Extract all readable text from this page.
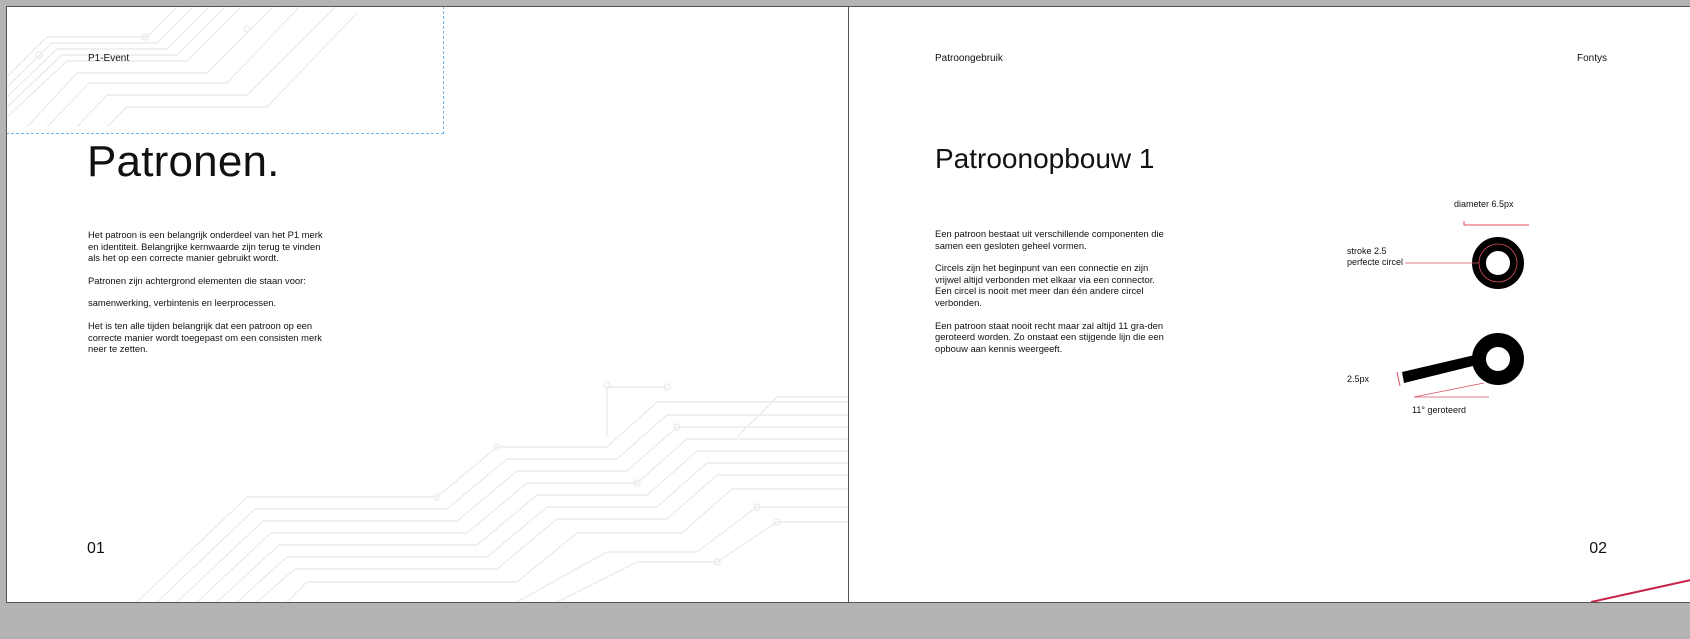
P1-Event
Patronen.

Het patroon is een belangrijk onderdeel van het P1 merk en identiteit. Belangrijke kernwaarde zijn terug te vinden als het op een correcte manier gebruikt wordt.

Patronen zijn achtergrond elementen die staan voor:

samenwerking, verbintenis en leerprocessen.

Het is ten alle tijden belangrijk dat een patroon op een correcte manier wordt toegepast om een consisten merk neer te zetten.

01
Patroongebruik	Fontys
Patroonopbouw 1

Een patroon bestaat uit verschillende componenten die samen een gesloten geheel vormen.

Circels zijn het beginpunt van een connectie en zijn vrijwel altijd verbonden met elkaar via een connector. Een circel is nooit met meer dan één andere circel verbonden.

Een patroon staat nooit recht maar zal altijd 11 gra-den geroteerd worden. Zo onstaat een stijgende lijn die een opbouw aan kennis weergeeft.

diameter 6.5px
stroke 2.5
perfecte circel
2.5px
11° geroteerd
02
